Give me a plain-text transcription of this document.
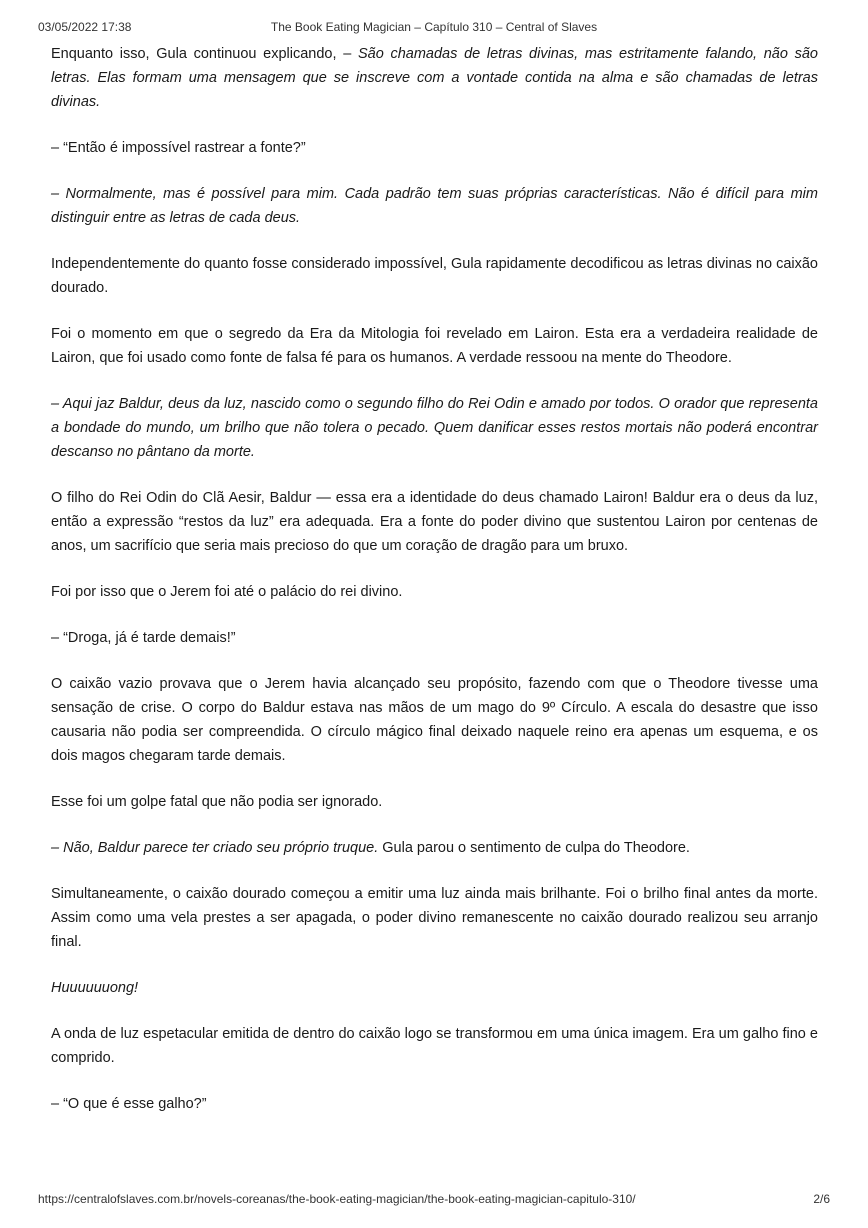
03/05/2022 17:38	The Book Eating Magician – Capítulo 310 – Central of Slaves

Enquanto isso, Gula continuou explicando, – São chamadas de letras divinas, mas estritamente falando, não são letras. Elas formam uma mensagem que se inscreve com a vontade contida na alma e são chamadas de letras divinas.

– “Então é impossível rastrear a fonte?”

– Normalmente, mas é possível para mim. Cada padrão tem suas próprias características. Não é difícil para mim distinguir entre as letras de cada deus.

Independentemente do quanto fosse considerado impossível, Gula rapidamente decodificou as letras divinas no caixão dourado.

Foi o momento em que o segredo da Era da Mitologia foi revelado em Lairon. Esta era a verdadeira realidade de Lairon, que foi usado como fonte de falsa fé para os humanos. A verdade ressoou na mente do Theodore.

– Aqui jaz Baldur, deus da luz, nascido como o segundo filho do Rei Odin e amado por todos. O orador que representa a bondade do mundo, um brilho que não tolera o pecado. Quem danificar esses restos mortais não poderá encontrar descanso no pântano da morte.

O filho do Rei Odin do Clã Aesir, Baldur — essa era a identidade do deus chamado Lairon! Baldur era o deus da luz, então a expressão “restos da luz” era adequada. Era a fonte do poder divino que sustentou Lairon por centenas de anos, um sacrifício que seria mais precioso do que um coração de dragão para um bruxo.

Foi por isso que o Jerem foi até o palácio do rei divino.

– “Droga, já é tarde demais!”

O caixão vazio provava que o Jerem havia alcançado seu propósito, fazendo com que o Theodore tivesse uma sensação de crise. O corpo do Baldur estava nas mãos de um mago do 9º Círculo. A escala do desastre que isso causaria não podia ser compreendida. O círculo mágico final deixado naquele reino era apenas um esquema, e os dois magos chegaram tarde demais.

Esse foi um golpe fatal que não podia ser ignorado.

– Não, Baldur parece ter criado seu próprio truque. Gula parou o sentimento de culpa do Theodore.

Simultaneamente, o caixão dourado começou a emitir uma luz ainda mais brilhante. Foi o brilho final antes da morte. Assim como uma vela prestes a ser apagada, o poder divino remanescente no caixão dourado realizou seu arranjo final.

Huuuuuuong!

A onda de luz espetacular emitida de dentro do caixão logo se transformou em uma única imagem. Era um galho fino e comprido.

– “O que é esse galho?”

https://centralofslaves.com.br/novels-coreanas/the-book-eating-magician/the-book-eating-magician-capitulo-310/	2/6
